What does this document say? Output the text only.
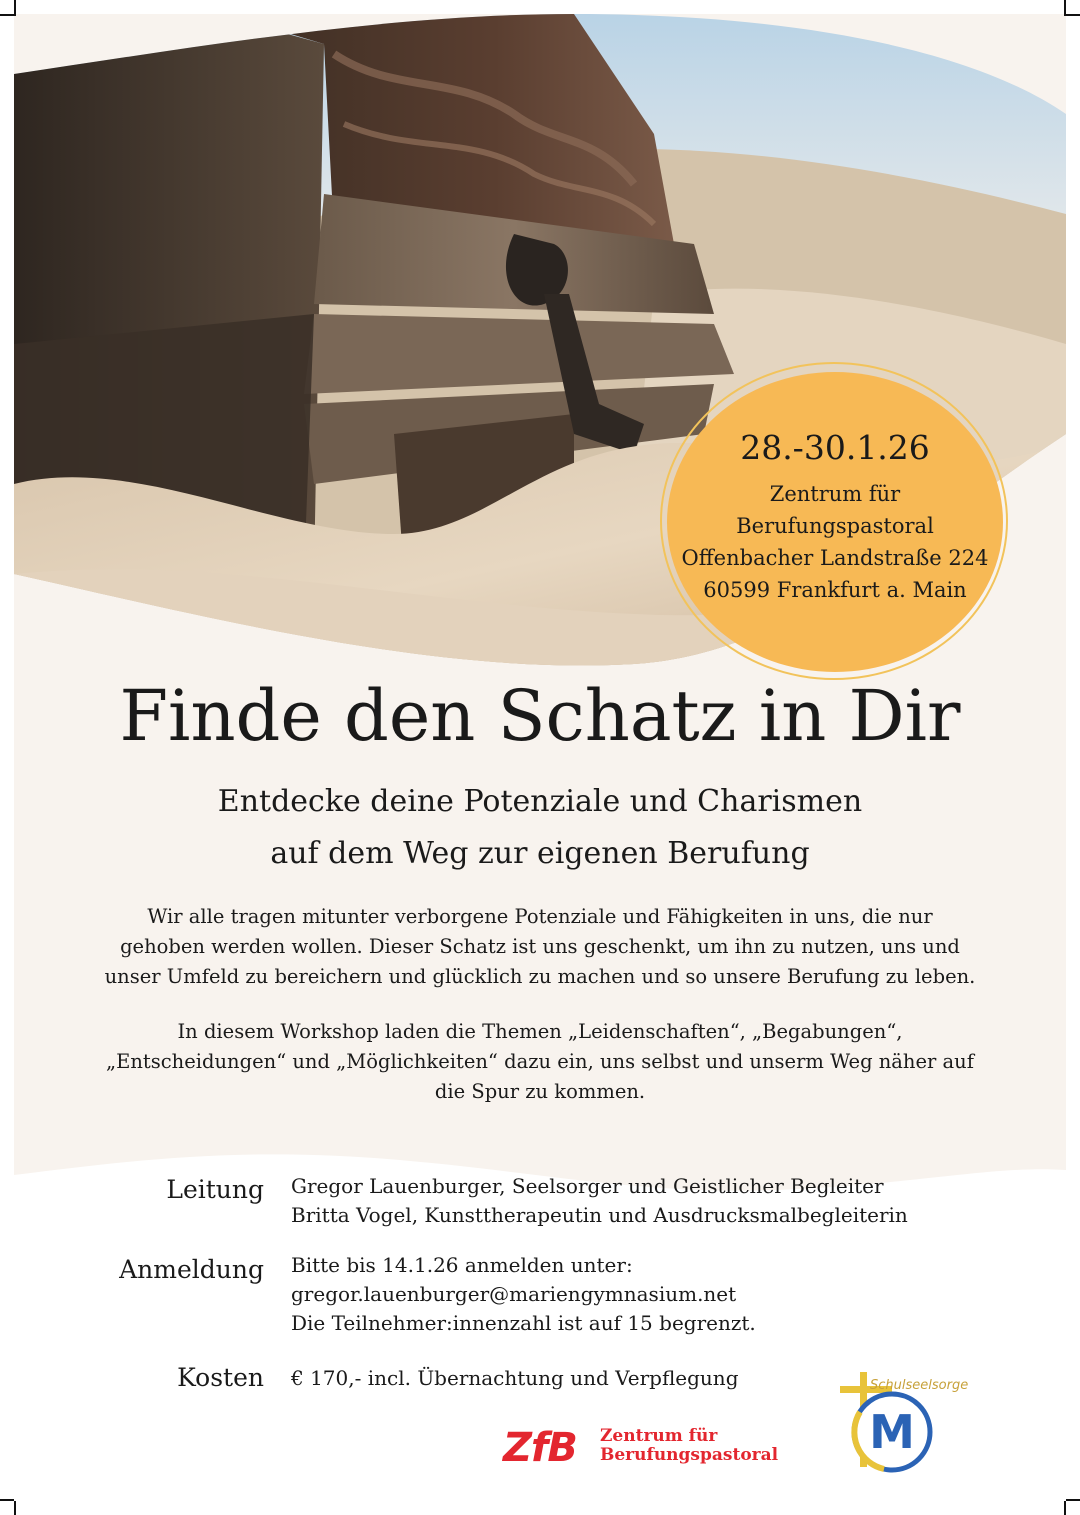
28.-30.1.26
Zentrum für
Berufungspastoral
Offenbacher Landstraße 224
60599 Frankfurt a. Main
Finde den Schatz in Dir
Entdecke deine Potenziale und Charismen
auf dem Weg zur eigenen Berufung
Wir alle tragen mitunter verborgene Potenziale und Fähigkeiten in uns, die nur
gehoben werden wollen. Dieser Schatz ist uns geschenkt, um ihn zu nutzen, uns und
unser Umfeld zu bereichern und glücklich zu machen und so unsere Berufung zu leben.
In diesem Workshop laden die Themen „Leidenschaften“, „Begabungen“,
„Entscheidungen“ und „Möglichkeiten“ dazu ein, uns selbst und unserm Weg näher auf
die Spur zu kommen.
Leitung Gregor Lauenburger, Seelsorger und Geistlicher Begleiter
Britta Vogel, Kunsttherapeutin und Ausdrucksmalbegleiterin
Anmeldung Bitte bis 14.1.26 anmelden unter:
gregor.lauenburger@mariengymnasium.net
Die Teilnehmer:innenzahl ist auf 15 begrenzt.
Kosten € 170,- incl. Übernachtung und Verpflegung
ZfB Zentrum für
Berufungspastoral M
Schulseelsorge
